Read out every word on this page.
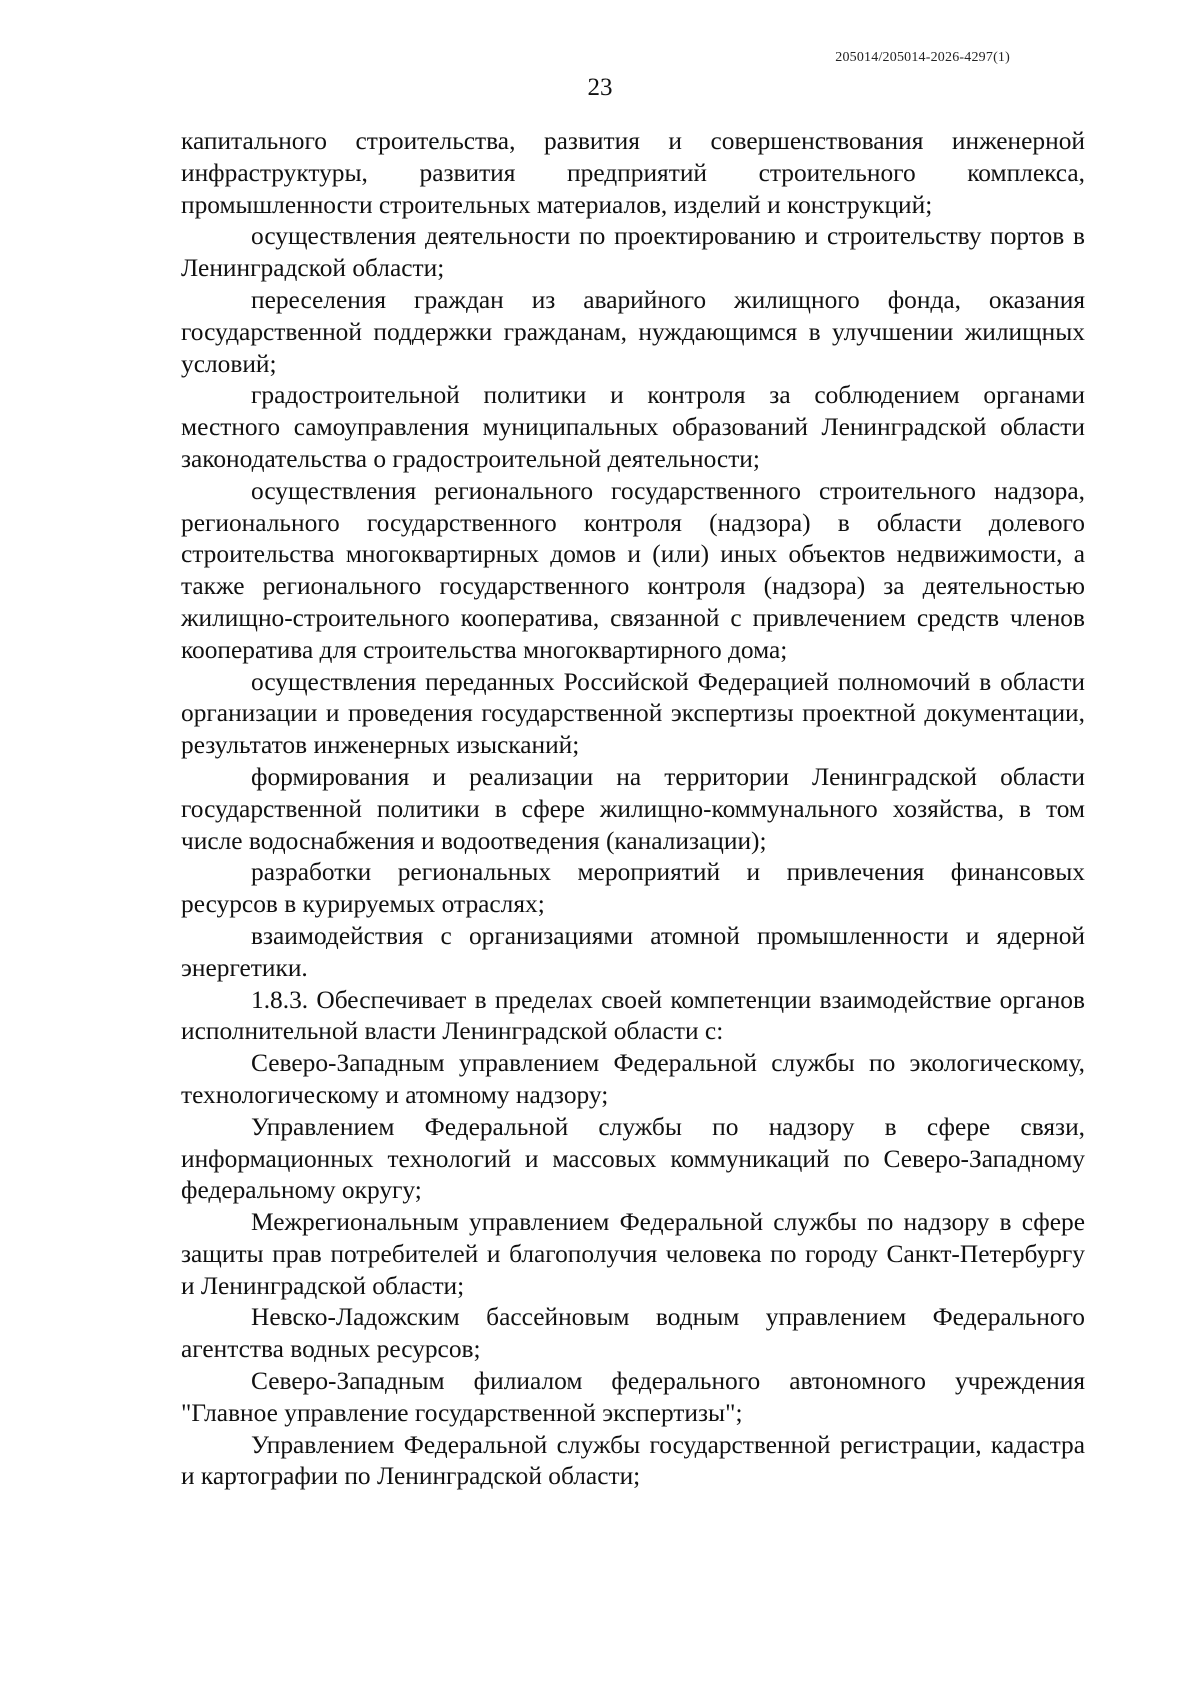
205014/205014-2026-4297(1)
23

капитального строительства, развития и совершенствования инженерной инфраструктуры, развития предприятий строительного комплекса, промышленности строительных материалов, изделий и конструкций;

осуществления деятельности по проектированию и строительству портов в Ленинградской области;

переселения граждан из аварийного жилищного фонда, оказания государственной поддержки гражданам, нуждающимся в улучшении жилищных условий;

градостроительной политики и контроля за соблюдением органами местного самоуправления муниципальных образований Ленинградской области законодательства о градостроительной деятельности;

осуществления регионального государственного строительного надзора, регионального государственного контроля (надзора) в области долевого строительства многоквартирных домов и (или) иных объектов недвижимости, а также регионального государственного контроля (надзора) за деятельностью жилищно-строительного кооператива, связанной с привлечением средств членов кооператива для строительства многоквартирного дома;

осуществления переданных Российской Федерацией полномочий в области организации и проведения государственной экспертизы проектной документации, результатов инженерных изысканий;

формирования и реализации на территории Ленинградской области государственной политики в сфере жилищно-коммунального хозяйства, в том числе водоснабжения и водоотведения (канализации);

разработки региональных мероприятий и привлечения финансовых ресурсов в курируемых отраслях;

взаимодействия с организациями атомной промышленности и ядерной энергетики.

1.8.3. Обеспечивает в пределах своей компетенции взаимодействие органов исполнительной власти Ленинградской области с:

Северо-Западным управлением Федеральной службы по экологическому, технологическому и атомному надзору;

Управлением Федеральной службы по надзору в сфере связи, информационных технологий и массовых коммуникаций по Северо-Западному федеральному округу;

Межрегиональным управлением Федеральной службы по надзору в сфере защиты прав потребителей и благополучия человека по городу Санкт-Петербургу и Ленинградской области;

Невско-Ладожским бассейновым водным управлением Федерального агентства водных ресурсов;

Северо-Западным филиалом федерального автономного учреждения "Главное управление государственной экспертизы";

Управлением Федеральной службы государственной регистрации, кадастра и картографии по Ленинградской области;
